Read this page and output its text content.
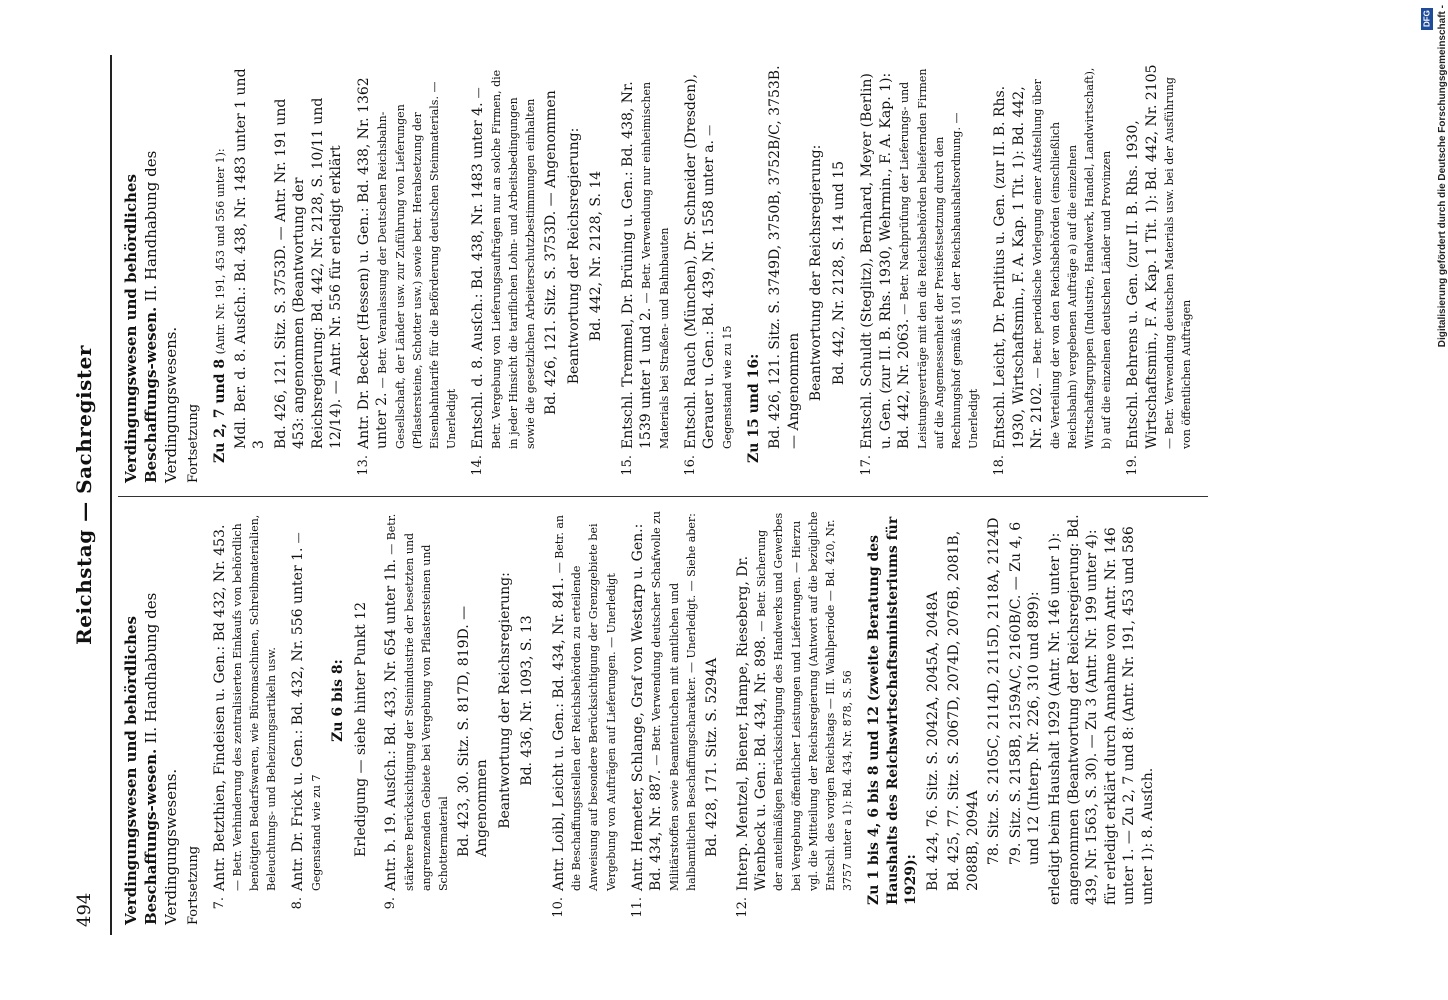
494
Reichstag — Sachregister
Verdingungswesen und behördliches Beschaffungs-wesen. II. Handhabung des Verdingungswesens. Fortsetzung 7.
Antr. Betzthien, Findeisen u. Gen.: Bd 432, Nr. 453. — Betr. Verhinderung des zentralisierten Einkaufs von behördlich benötigten Bedarfswaren, wie Büromaschinen, Schreibmaterialien, Beleuchtungs- und Beheizungsartikeln usw.
8.
Antr. Dr. Frick u. Gen.: Bd. 432, Nr. 556 unter 1. — Gegenstand wie zu 7
Zu 6 bis 8: Erledigung — siehe hinter Punkt 12
9.
Antr. b. 19. Ausſch.: Bd. 433, Nr. 654 unter 1h. — Betr. stärkere Berücksichtigung der Steinindustrie der besetzten und angrenzenden Gebiete bei Vergebung von Pflastersteinen und Schottermaterial Bd. 423, 30. Sitz. S. 817D, 819D. — Angenommen Beantwortung der Reichsregierung: Bd. 436, Nr. 1093, S. 13
10.
Antr. Loibl, Leicht u. Gen.: Bd. 434, Nr. 841. — Betr. an die Beschaffungsstellen der Reichsbehörden zu erteilende Anweisung auf besondere Berücksichtigung der Grenzgebiete bei Vergebung von Aufträgen auf Lieferungen. — Unerledigt
11.
Antr. Hemeter, Schlange, Graf von Westarp u. Gen.: Bd. 434, Nr. 887. — Betr. Verwendung deutscher Schafwolle zu Militärstoffen sowie Beamtentuchen mit amtlichen und halbamtlichen Beschaffungscharakter. — Unerledigt. — Siehe aber: Bd. 428, 171. Sitz. S. 5294A
12.
Interp. Mentzel, Biener, Hampe, Rieseberg, Dr. Wienbeck u. Gen.: Bd. 434, Nr. 898. — Betr. Sicherung der anteilmäßigen Berücksichtigung des Handwerks und Gewerbes bei Vergebung öffentlicher Leistungen und Lieferungen. — Hierzu vgl. die Mitteilung der Reichsregierung (Antwort auf die bezügliche Entschl. des vorigen Reichstags — III. Wahlperiode — Bd. 420, Nr. 3757 unter a 1): Bd. 434, Nr. 878, S. 56 Zu 1 bis 4, 6 bis 8 und 12 (zweite Beratung des Haushalts des Reichswirtschaftsministeriums für 1929): Bd. 424, 76. Sitz. S. 2042A, 2045A, 2048A Bd. 425, 77. Sitz. S. 2067D, 2074D, 2076B, 2081B, 2088B, 2094A 78. Sitz. S. 2105C, 2114D, 2115D, 2118A, 2124D 79. Sitz. S. 2158B, 2159A/C, 2160B/C. — Zu 4, 6 und 12 (Interp. Nr. 226, 310 und 899): erledigt beim Haushalt 1929 (Antr. Nr. 146 unter 1): angenommen (Beantwortung der Reichsregierung: Bd. 439, Nr. 1563, S. 30). — Zu 3 (Antr. Nr. 199 unter 4): für erledigt erklärt durch Annahme von Antr. Nr. 146 unter 1. — Zu 2, 7 und 8: (Antr. Nr. 191, 453 und 586 unter 1): 8. Ausſch.
Verdingungswesen und behördliches Beschaffungs-wesen. II. Handhabung des Verdingungswesens. Fortsetzung Zu 2, 7 und 8 (Antr. Nr. 191, 453 und 556 unter 1): Mdl. Ber. d. 8. Ausſch.: Bd. 438, Nr. 1483 unter 1 und 3 Bd. 426, 121. Sitz. S. 3753D. — Antr. Nr. 191 und 453: angenommen (Beantwortung der Reichsregierung: Bd. 442, Nr. 2128, S. 10/11 und 12/14). — Antr. Nr. 556 für erledigt erklärt
13.
Antr. Dr. Becker (Hessen) u. Gen.: Bd. 438, Nr. 1362 unter 2. — Betr. Veranlassung der Deutschen Reichsbahn-Gesellschaft, der Länder usw. zur Zuführung von Lieferungen (Pflastersteine, Schotter usw.) sowie betr. Herabsetzung der Eisenbahntarife für die Beförderung deutschen Steinmaterials. — Unerledigt
14.
Entschl. d. 8. Ausſch.: Bd. 438, Nr. 1483 unter 4. — Betr. Vergebung von Lieferungsaufträgen nur an solche Firmen, die in jeder Hinsicht die tariflichen Lohn- und Arbeitsbedingungen sowie die gesetzlichen Arbeiterschutzbestimmungen einhalten Bd. 426, 121. Sitz. S. 3753D. — Angenommen Beantwortung der Reichsregierung: Bd. 442, Nr. 2128, S. 14
15.
Entschl. Tremmel, Dr. Brüning u. Gen.: Bd. 438, Nr. 1539 unter 1 und 2. — Betr. Verwendung nur einheimischen Materials bei Straßen- und Bahnbauten
16.
Entschl. Rauch (München), Dr. Schneider (Dresden), Gerauer u. Gen.: Bd. 439, Nr. 1558 unter a. — Gegenstand wie zu 15 Zu 15 und 16: Bd. 426, 121. Sitz. S. 3749D, 3750B, 3752B/C, 3753B. — Angenommen Beantwortung der Reichsregierung: Bd. 442, Nr. 2128, S. 14 und 15
17.
Entschl. Schuldt (Steglitz), Bernhard, Meyer (Berlin) u. Gen. (zur II. B. Rhs. 1930, Wehrmin., F. A. Kap. 1): Bd. 442, Nr. 2063. — Betr. Nachprüfung der Lieferungs- und Leistungsverträge mit den die Reichsbehörden beliefernden Firmen auf die Angemessenheit der Preisfestsetzung durch den Rechnungshof gemäß § 101 der Reichshaushaltsordnung. — Unerledigt
18.
Entschl. Leicht, Dr. Perlitius u. Gen. (zur II. B. Rhs. 1930, Wirtschaftsmin., F. A. Kap. 1 Tit. 1): Bd. 442, Nr. 2102. — Betr. periodische Vorlegung einer Aufstellung über die Verteilung der von den Reichsbehörden (einschließlich Reichsbahn) vergebenen Aufträge a) auf die einzelnen Wirtschaftsgruppen (Industrie, Handwerk, Handel, Landwirtschaft), b) auf die einzelnen deutschen Länder und Provinzen
19.
Entschl. Behrens u. Gen. (zur II. B. Rhs. 1930, Wirtschaftsmin., F. A. Kap. 1 Tit. 1): Bd. 442, Nr. 2105 — Betr. Verwendung deutschen Materials usw. bei der Ausführung von öffentlichen Aufträgen
Digitalisierung gefördert durch die Deutsche Forschungsgemeinschaft -
DFG
